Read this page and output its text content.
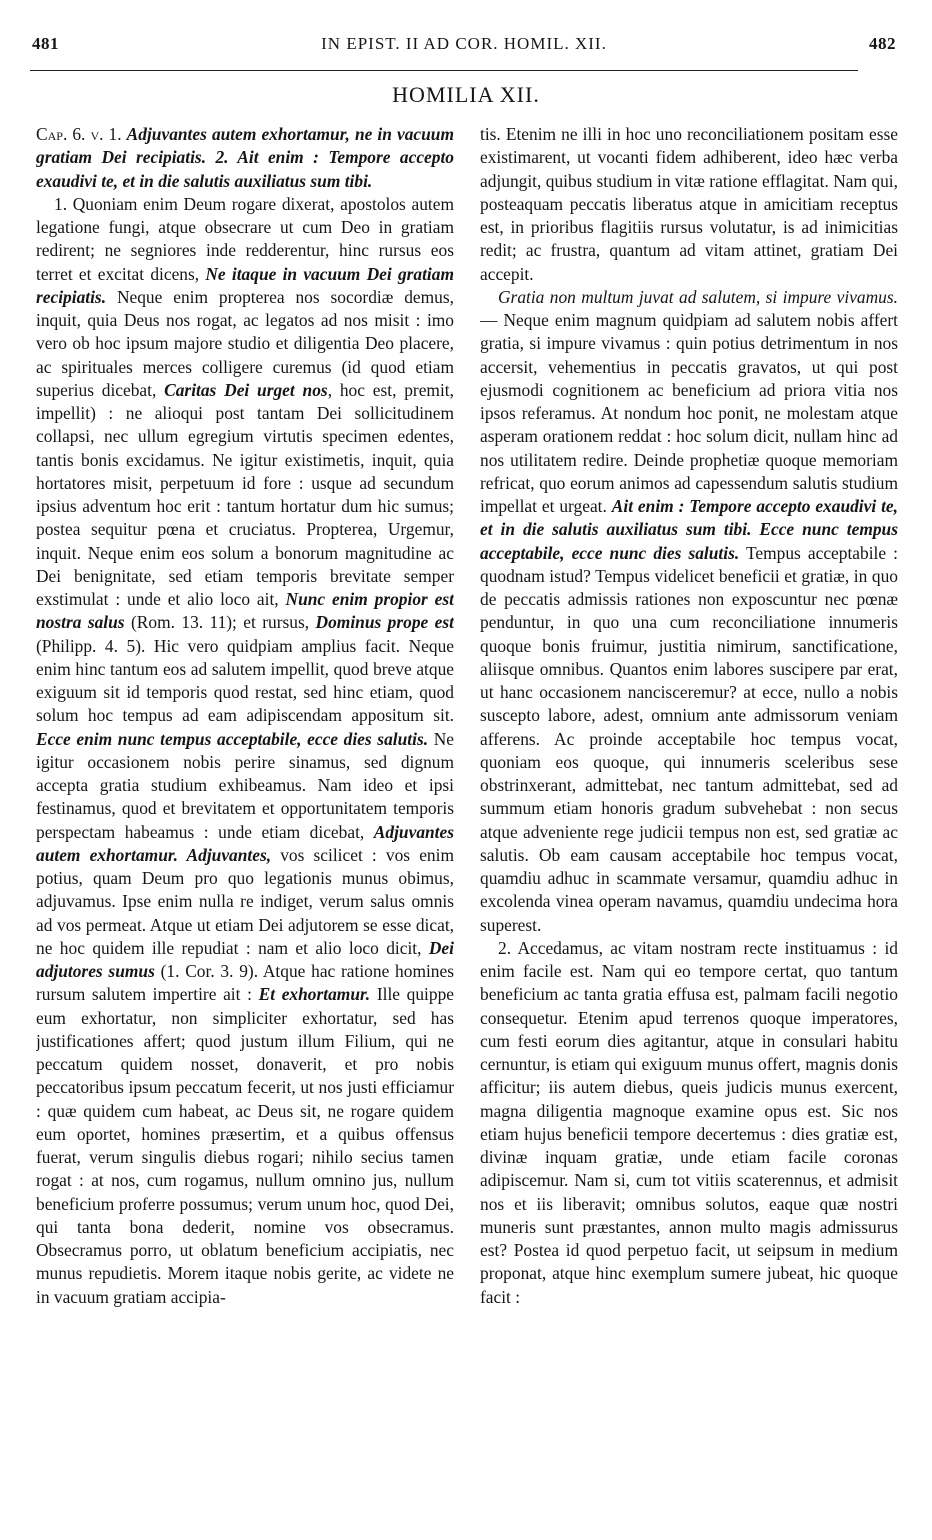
481	IN EPIST. II AD COR. HOMIL. XII.	482
HOMILIA XII.

Cap. 6. v. 1. Adjuvantes autem exhortamur, ne in vacuum gratiam Dei recipiatis. 2. Ait enim : Tempore accepto exaudivi te, et in die salutis auxiliatus sum tibi.

1. Quoniam enim Deum rogare dixerat, apostolos autem legatione fungi, atque obsecrare ut cum Deo in gratiam redirent; ne segniores inde redderentur, hinc rursus eos terret et excitat dicens, Ne itaque in vacuum Dei gratiam recipiatis. Neque enim propterea nos socordiæ demus, inquit, quia Deus nos rogat, ac legatos ad nos misit : imo vero ob hoc ipsum majore studio et diligentia Deo placere, ac spirituales merces colligere curemus (id quod etiam superius dicebat, Caritas Dei urget nos, hoc est, premit, impellit) : ne alioqui post tantam Dei sollicitudinem collapsi, nec ullum egregium virtutis specimen edentes, tantis bonis excidamus. Ne igitur existimetis, inquit, quia hortatores misit, perpetuum id fore : usque ad secundum ipsius adventum hoc erit : tantum hortatur dum hic sumus; postea sequitur pœna et cruciatus. Propterea, Urgemur, inquit. Neque enim eos solum a bonorum magnitudine ac Dei benignitate, sed etiam temporis brevitate semper exstimulat : unde et alio loco ait, Nunc enim propior est nostra salus (Rom. 13. 11); et rursus, Dominus prope est (Philipp. 4. 5). Hic vero quidpiam amplius facit. Neque enim hinc tantum eos ad salutem impellit, quod breve atque exiguum sit id temporis quod restat, sed hinc etiam, quod solum hoc tempus ad eam adipiscendam appositum sit. Ecce enim nunc tempus acceptabile, ecce dies salutis. Ne igitur occasionem nobis perire sinamus, sed dignum accepta gratia studium exhibeamus. Nam ideo et ipsi festinamus, quod et brevitatem et opportunitatem temporis perspectam habeamus : unde etiam dicebat, Adjuvantes autem exhortamur. Adjuvantes, vos scilicet : vos enim potius, quam Deum pro quo legationis munus obimus, adjuvamus. Ipse enim nulla re indiget, verum salus omnis ad vos permeat. Atque ut etiam Dei adjutorem se esse dicat, ne hoc quidem ille repudiat : nam et alio loco dicit, Dei adjutores sumus (1. Cor. 3. 9). Atque hac ratione homines rursum salutem impertire ait : Et exhortamur. Ille quippe eum exhortatur, non simpliciter exhortatur, sed has justificationes affert; quod justum illum Filium, qui ne peccatum quidem nosset, donaverit, et pro nobis peccatoribus ipsum peccatum fecerit, ut nos justi efficiamur : quæ quidem cum habeat, ac Deus sit, ne rogare quidem eum oportet, homines præsertim, et a quibus offensus fuerat, verum singulis diebus rogari; nihilo secius tamen rogat : at nos, cum rogamus, nullum omnino jus, nullum beneficium proferre possumus; verum unum hoc, quod Dei, qui tanta bona dederit, nomine vos obsecramus. Obsecramus porro, ut oblatum beneficium accipiatis, nec munus repudietis. Morem itaque nobis gerite, ac videte ne in vacuum gratiam accipia-

tis. Etenim ne illi in hoc uno reconciliationem positam esse existimarent, ut vocanti fidem adhiberent, ideo hæc verba adjungit, quibus studium in vitæ ratione efflagitat. Nam qui, posteaquam peccatis liberatus atque in amicitiam receptus est, in prioribus flagitiis rursus volutatur, is ad inimicitias redit; ac frustra, quantum ad vitam attinet, gratiam Dei accepit.

Gratia non multum juvat ad salutem, si impure vivamus. — Neque enim magnum quidpiam ad salutem nobis affert gratia, si impure vivamus : quin potius detrimentum in nos accersit, vehementius in peccatis gravatos, ut qui post ejusmodi cognitionem ac beneficium ad priora vitia nos ipsos referamus. At nondum hoc ponit, ne molestam atque asperam orationem reddat : hoc solum dicit, nullam hinc ad nos utilitatem redire. Deinde prophetiæ quoque memoriam refricat, quo eorum animos ad capessendum salutis studium impellat et urgeat. Ait enim : Tempore accepto exaudivi te, et in die salutis auxiliatus sum tibi. Ecce nunc tempus acceptabile, ecce nunc dies salutis. Tempus acceptabile : quodnam istud? Tempus videlicet beneficii et gratiæ, in quo de peccatis admissis rationes non exposcuntur nec pœnæ penduntur, in quo una cum reconciliatione innumeris quoque bonis fruimur, justitia nimirum, sanctificatione, aliisque omnibus. Quantos enim labores suscipere par erat, ut hanc occasionem nancisceremur? at ecce, nullo a nobis suscepto labore, adest, omnium ante admissorum veniam afferens. Ac proinde acceptabile hoc tempus vocat, quoniam eos quoque, qui innumeris sceleribus sese obstrinxerant, admittebat, nec tantum admittebat, sed ad summum etiam honoris gradum subvehebat : non secus atque adveniente rege judicii tempus non est, sed gratiæ ac salutis. Ob eam causam acceptabile hoc tempus vocat, quamdiu adhuc in scammate versamur, quamdiu adhuc in excolenda vinea operam navamus, quamdiu undecima hora superest.

2. Accedamus, ac vitam nostram recte instituamus : id enim facile est. Nam qui eo tempore certat, quo tantum beneficium ac tanta gratia effusa est, palmam facili negotio consequetur. Etenim apud terrenos quoque imperatores, cum festi eorum dies agitantur, atque in consulari habitu cernuntur, is etiam qui exiguum munus offert, magnis donis afficitur; iis autem diebus, queis judicis munus exercent, magna diligentia magnoque examine opus est. Sic nos etiam hujus beneficii tempore decertemus : dies gratiæ est, divinæ inquam gratiæ, unde etiam facile coronas adipiscemur. Nam si, cum tot vitiis scaterennus, et admisit nos et iis liberavit; omnibus solutos, eaque quæ nostri muneris sunt præstantes, annon multo magis admissurus est? Postea id quod perpetuo facit, ut seipsum in medium proponat, atque hinc exemplum sumere jubeat, hic quoque facit :
